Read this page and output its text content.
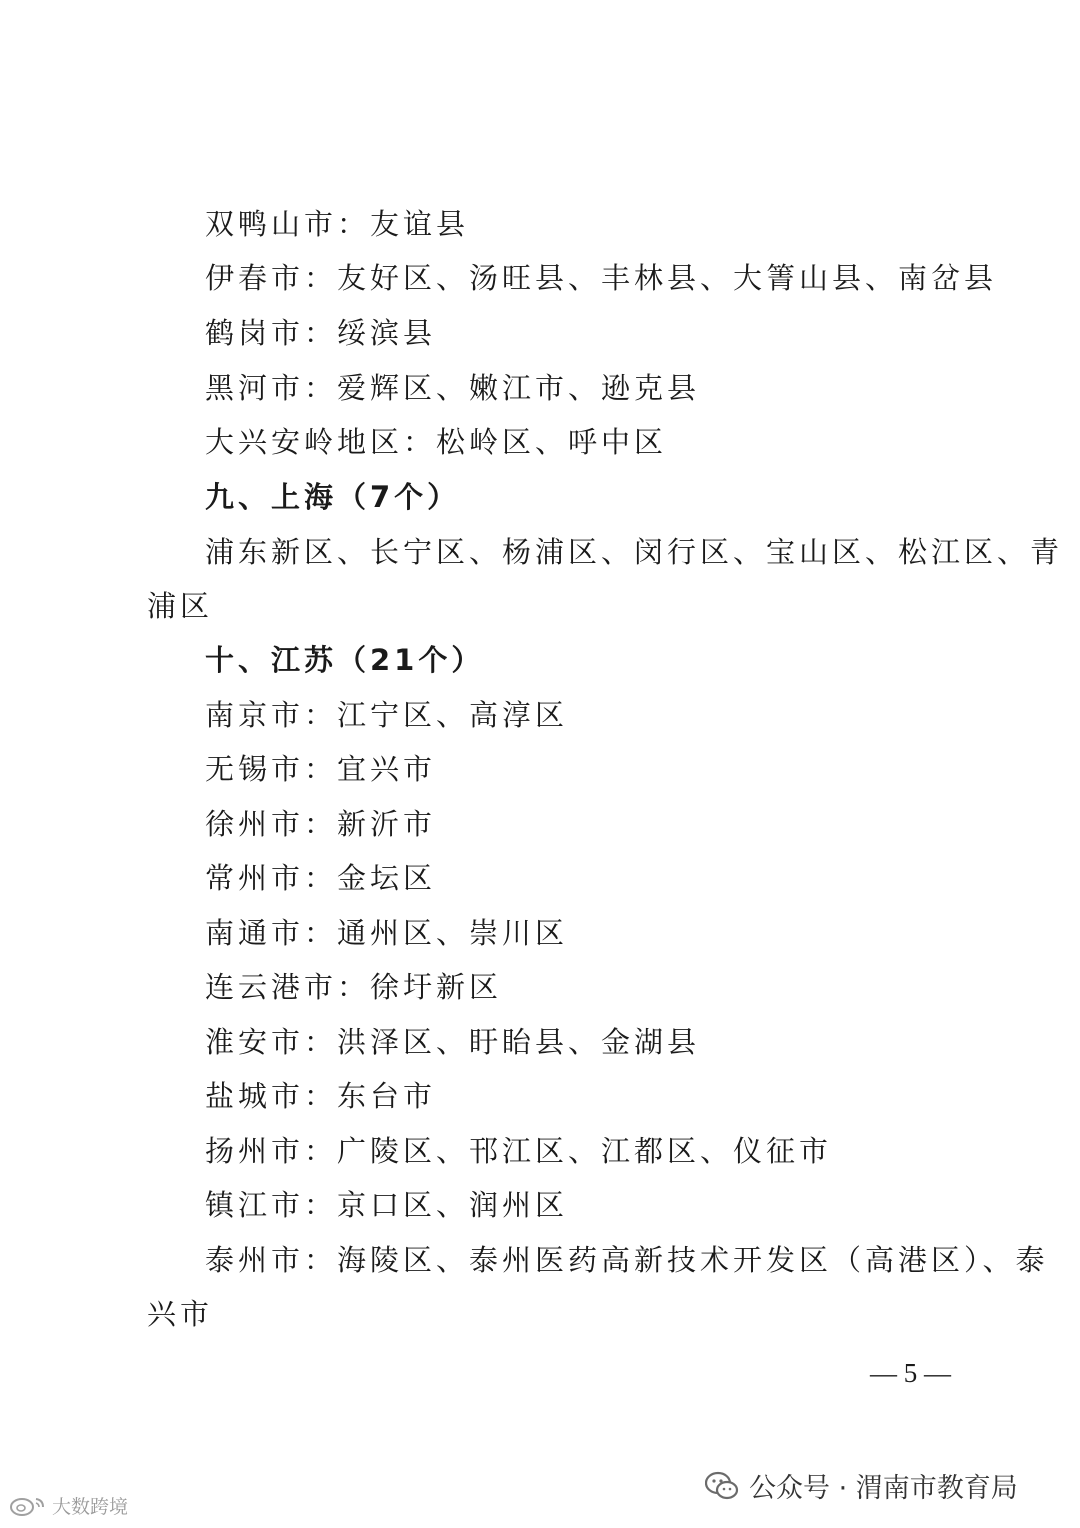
双鸭山市：友谊县
伊春市：友好区、汤旺县、丰林县、大箐山县、南岔县
鹤岗市：绥滨县
黑河市：爱辉区、嫩江市、逊克县
大兴安岭地区：松岭区、呼中区
九、上海（7个）
浦东新区、长宁区、杨浦区、闵行区、宝山区、松江区、青
浦区
十、江苏（21个）
南京市：江宁区、高淳区
无锡市：宜兴市
徐州市：新沂市
常州市：金坛区
南通市：通州区、崇川区
连云港市：徐圩新区
淮安市：洪泽区、盱眙县、金湖县
盐城市：东台市
扬州市：广陵区、邗江区、江都区、仪征市
镇江市：京口区、润州区
泰州市：海陵区、泰州医药高新技术开发区（高港区）、泰
兴市
— 5 —
公众号 · 渭南市教育局
大数跨境
